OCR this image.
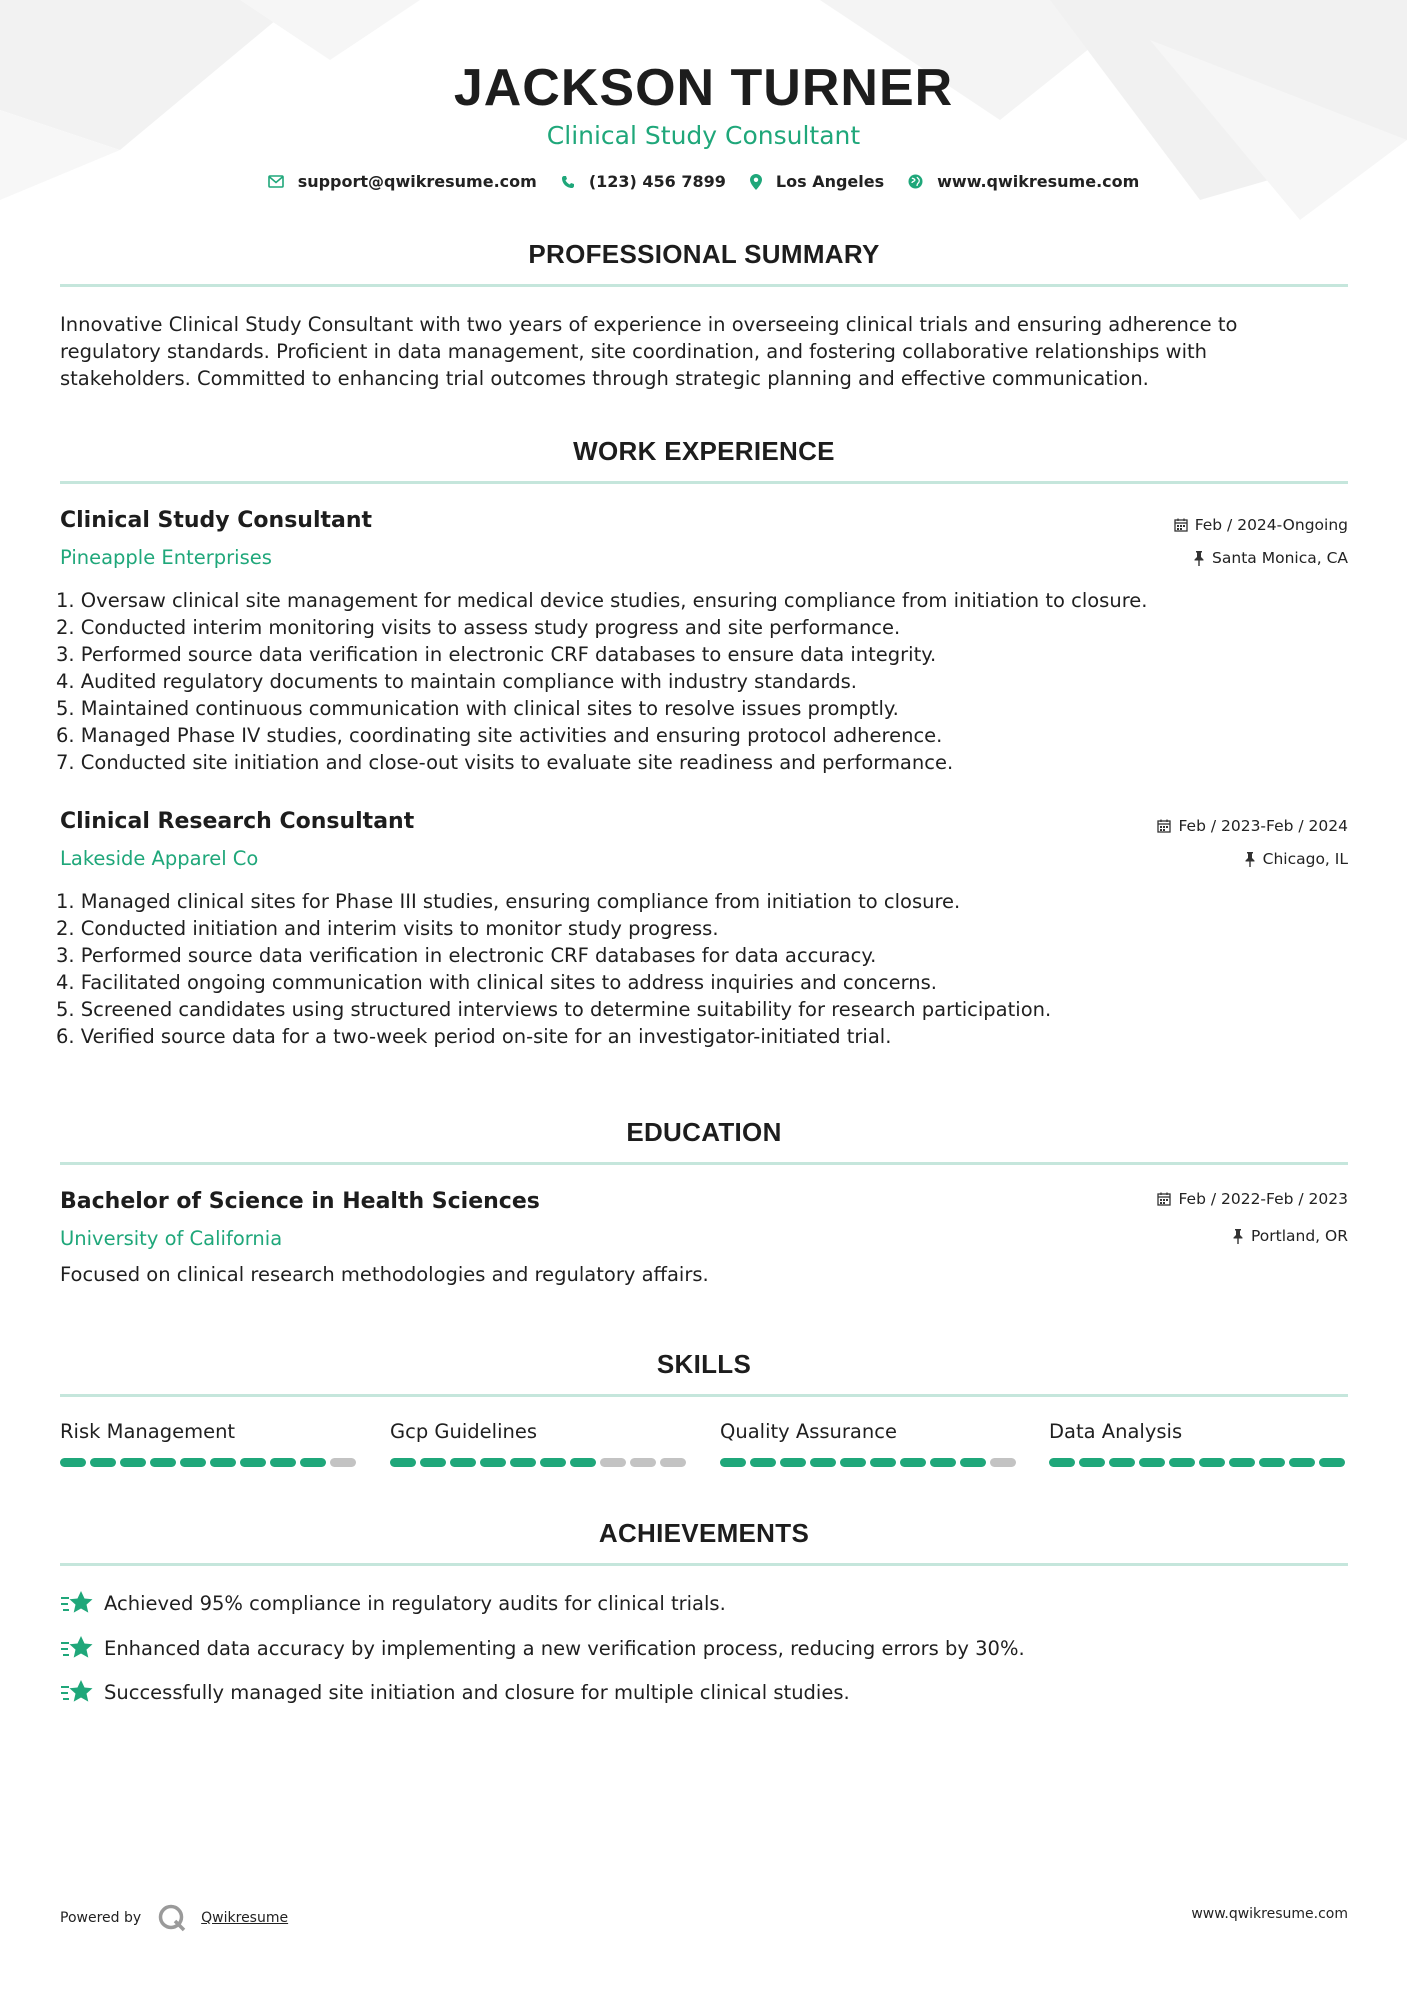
JACKSON TURNER
Clinical Study Consultant
support@qwikresume.com	(123) 456 7899	Los Angeles	www.qwikresume.com
PROFESSIONAL SUMMARY
Innovative Clinical Study Consultant with two years of experience in overseeing clinical trials and ensuring adherence to
regulatory standards. Proficient in data management, site coordination, and fostering collaborative relationships with
stakeholders. Committed to enhancing trial outcomes through strategic planning and effective communication.
WORK EXPERIENCE
Clinical Study Consultant	Feb / 2024-Ongoing
Pineapple Enterprises	Santa Monica, CA
1. Oversaw clinical site management for medical device studies, ensuring compliance from initiation to closure.
2. Conducted interim monitoring visits to assess study progress and site performance.
3. Performed source data verification in electronic CRF databases to ensure data integrity.
4. Audited regulatory documents to maintain compliance with industry standards.
5. Maintained continuous communication with clinical sites to resolve issues promptly.
6. Managed Phase IV studies, coordinating site activities and ensuring protocol adherence.
7. Conducted site initiation and close-out visits to evaluate site readiness and performance.
Clinical Research Consultant	Feb / 2023-Feb / 2024
Lakeside Apparel Co	Chicago, IL
1. Managed clinical sites for Phase III studies, ensuring compliance from initiation to closure.
2. Conducted initiation and interim visits to monitor study progress.
3. Performed source data verification in electronic CRF databases for data accuracy.
4. Facilitated ongoing communication with clinical sites to address inquiries and concerns.
5. Screened candidates using structured interviews to determine suitability for research participation.
6. Verified source data for a two-week period on-site for an investigator-initiated trial.
EDUCATION
Bachelor of Science in Health Sciences	Feb / 2022-Feb / 2023
University of California	Portland, OR
Focused on clinical research methodologies and regulatory affairs.
SKILLS
Risk Management	Gcp Guidelines	Quality Assurance	Data Analysis
ACHIEVEMENTS
Achieved 95% compliance in regulatory audits for clinical trials.
Enhanced data accuracy by implementing a new verification process, reducing errors by 30%.
Successfully managed site initiation and closure for multiple clinical studies.
Powered by	Qwikresume	www.qwikresume.com
